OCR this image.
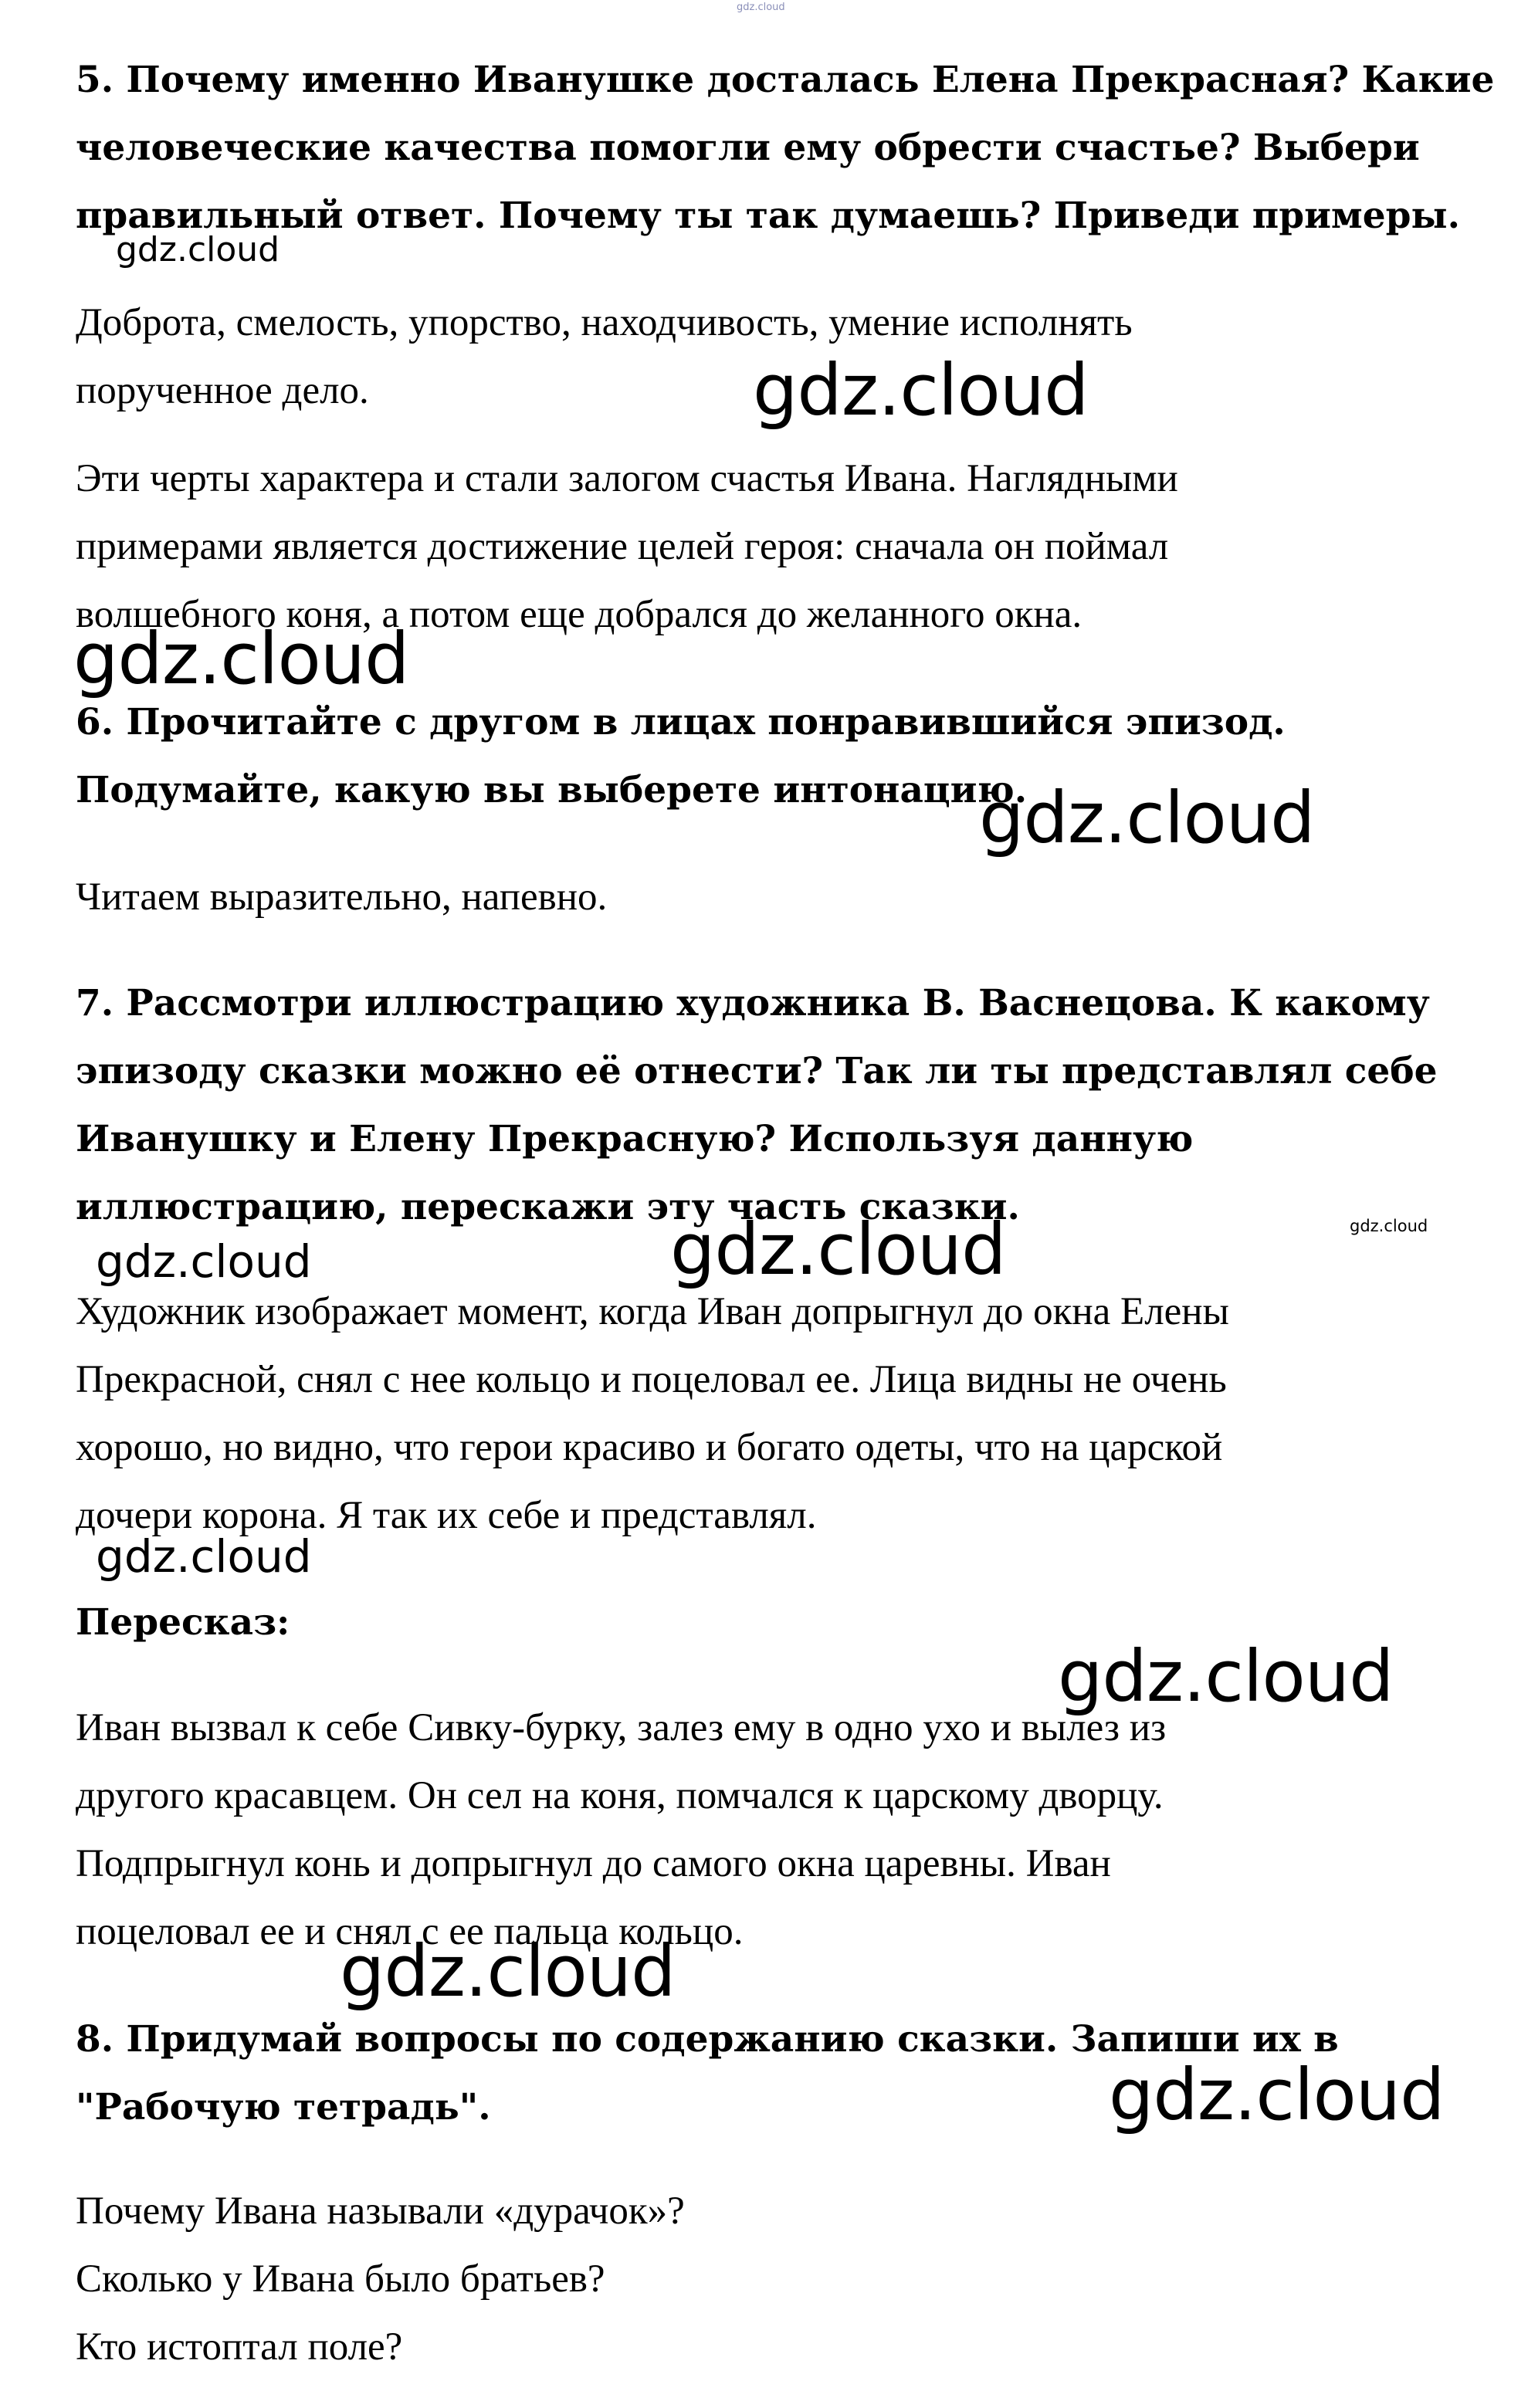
gdz.cloud
5. Почему именно Иванушке досталась Елена Прекрасная? Какие
человеческие качества помогли ему обрести счастье? Выбери
правильный ответ. Почему ты так думаешь? Приведи примеры.
gdz.cloud
Доброта, смелость, упорство, находчивость, умение исполнять
порученное дело.	gdz.cloud
Эти черты характера и стали залогом счастья Ивана. Наглядными
примерами является достижение целей героя: сначала он поймал
волшебного коня, а потом еще добрался до желанного окна.
gdz.cloud
6. Прочитайте с другом в лицах понравившийся эпизод.
Подумайте, какую вы выберете интонацию.
gdz.cloud
Читаем выразительно, напевно.
7. Рассмотри иллюстрацию художника В. Васнецова. К какому
эпизоду сказки можно её отнести? Так ли ты представлял себе
Иванушку и Елену Прекрасную? Используя данную
иллюстрацию, перескажи эту часть сказки.	gdz.cloud
gdz.cloud	gdz.cloud
Художник изображает момент, когда Иван допрыгнул до окна Елены
Прекрасной, снял с нее кольцо и поцеловал ее. Лица видны не очень
хорошо, но видно, что герои красиво и богато одеты, что на царской
дочери корона. Я так их себе и представлял.
gdz.cloud
Пересказ:
gdz.cloud
Иван вызвал к себе Сивку-бурку, залез ему в одно ухо и вылез из
другого красавцем. Он сел на коня, помчался к царскому дворцу.
Подпрыгнул конь и допрыгнул до самого окна царевны. Иван
поцеловал ее и снял с ее пальца кольцо.
gdz.cloud
8. Придумай вопросы по содержанию сказки. Запиши их в
"Рабочую тетрадь".	gdz.cloud
Почему Ивана называли «дурачок»?
Сколько у Ивана было братьев?
Кто истоптал поле?
